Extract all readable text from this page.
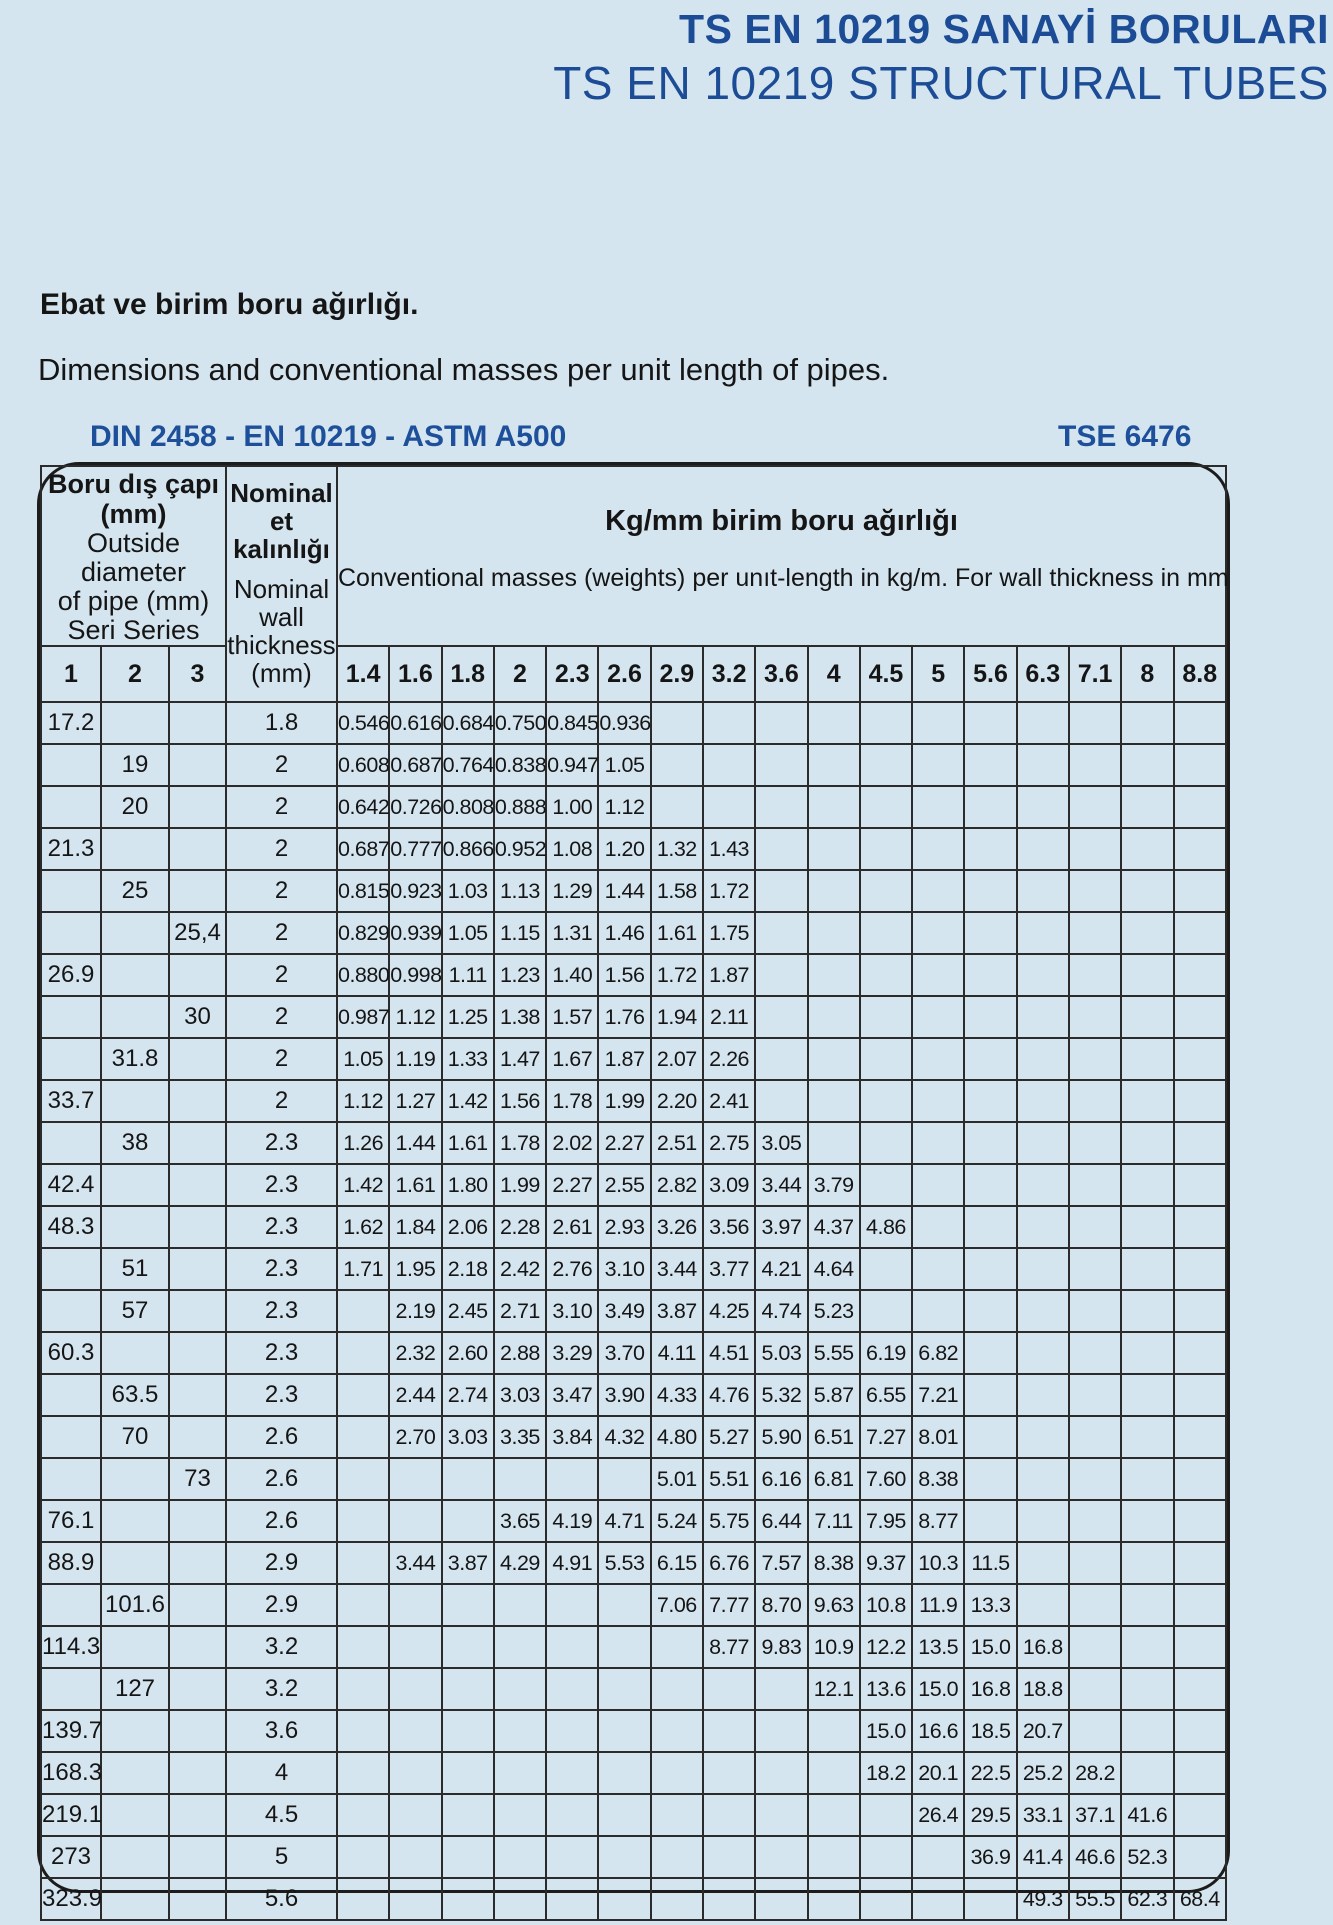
TS EN 10219 SANAYİ BORULARI
TS EN 10219 STRUCTURAL TUBES
Ebat ve birim boru ağırlığı.
Dimensions and conventional masses per unit length of pipes.
DIN 2458 - EN 10219 - ASTM A500	TSE 6476
Boru dış çapı
(mm)
Outside diameter
of pipe (mm)
Seri Series

Nominal
et kalınlığı
Nominal
wall
thickness
(mm)

Kg/mm birim boru ağırlığı
Conventional masses (weights) per unıt-length in kg/m. For wall thickness in mm

1	2	3		1.4	1.6	1.8	2	2.3	2.6	2.9	3.2	3.6	4	4.5	5	5.6	6.3	7.1	8	8.8
17.2			1.8	0.546	0.616	0.684	0.750	0.845	0.936											
	19		2	0.608	0.687	0.764	0.838	0.947	1.05											
	20		2	0.642	0.726	0.808	0.888	1.00	1.12											
21.3			2	0.687	0.777	0.866	0.952	1.08	1.20	1.32	1.43									
	25		2	0.815	0.923	1.03	1.13	1.29	1.44	1.58	1.72									
		25,4	2	0.829	0.939	1.05	1.15	1.31	1.46	1.61	1.75									
26.9			2	0.880	0.998	1.11	1.23	1.40	1.56	1.72	1.87									
		30	2	0.987	1.12	1.25	1.38	1.57	1.76	1.94	2.11									
	31.8		2	1.05	1.19	1.33	1.47	1.67	1.87	2.07	2.26									
33.7			2	1.12	1.27	1.42	1.56	1.78	1.99	2.20	2.41									
	38		2.3	1.26	1.44	1.61	1.78	2.02	2.27	2.51	2.75	3.05								
42.4			2.3	1.42	1.61	1.80	1.99	2.27	2.55	2.82	3.09	3.44	3.79							
48.3			2.3	1.62	1.84	2.06	2.28	2.61	2.93	3.26	3.56	3.97	4.37	4.86						
	51		2.3	1.71	1.95	2.18	2.42	2.76	3.10	3.44	3.77	4.21	4.64							
	57		2.3		2.19	2.45	2.71	3.10	3.49	3.87	4.25	4.74	5.23							
60.3			2.3		2.32	2.60	2.88	3.29	3.70	4.11	4.51	5.03	5.55	6.19	6.82					
	63.5		2.3		2.44	2.74	3.03	3.47	3.90	4.33	4.76	5.32	5.87	6.55	7.21					
	70		2.6		2.70	3.03	3.35	3.84	4.32	4.80	5.27	5.90	6.51	7.27	8.01					
		73	2.6							5.01	5.51	6.16	6.81	7.60	8.38					
76.1			2.6				3.65	4.19	4.71	5.24	5.75	6.44	7.11	7.95	8.77					
88.9			2.9		3.44	3.87	4.29	4.91	5.53	6.15	6.76	7.57	8.38	9.37	10.3	11.5				
	101.6		2.9							7.06	7.77	8.70	9.63	10.8	11.9	13.3				
114.3			3.2								8.77	9.83	10.9	12.2	13.5	15.0	16.8			
	127		3.2										12.1	13.6	15.0	16.8	18.8			
139.7			3.6											15.0	16.6	18.5	20.7			
168.3			4											18.2	20.1	22.5	25.2	28.2		
219.1			4.5												26.4	29.5	33.1	37.1	41.6	
273			5													36.9	41.4	46.6	52.3	
323.9			5.6														49.3	55.5	62.3	68.4
